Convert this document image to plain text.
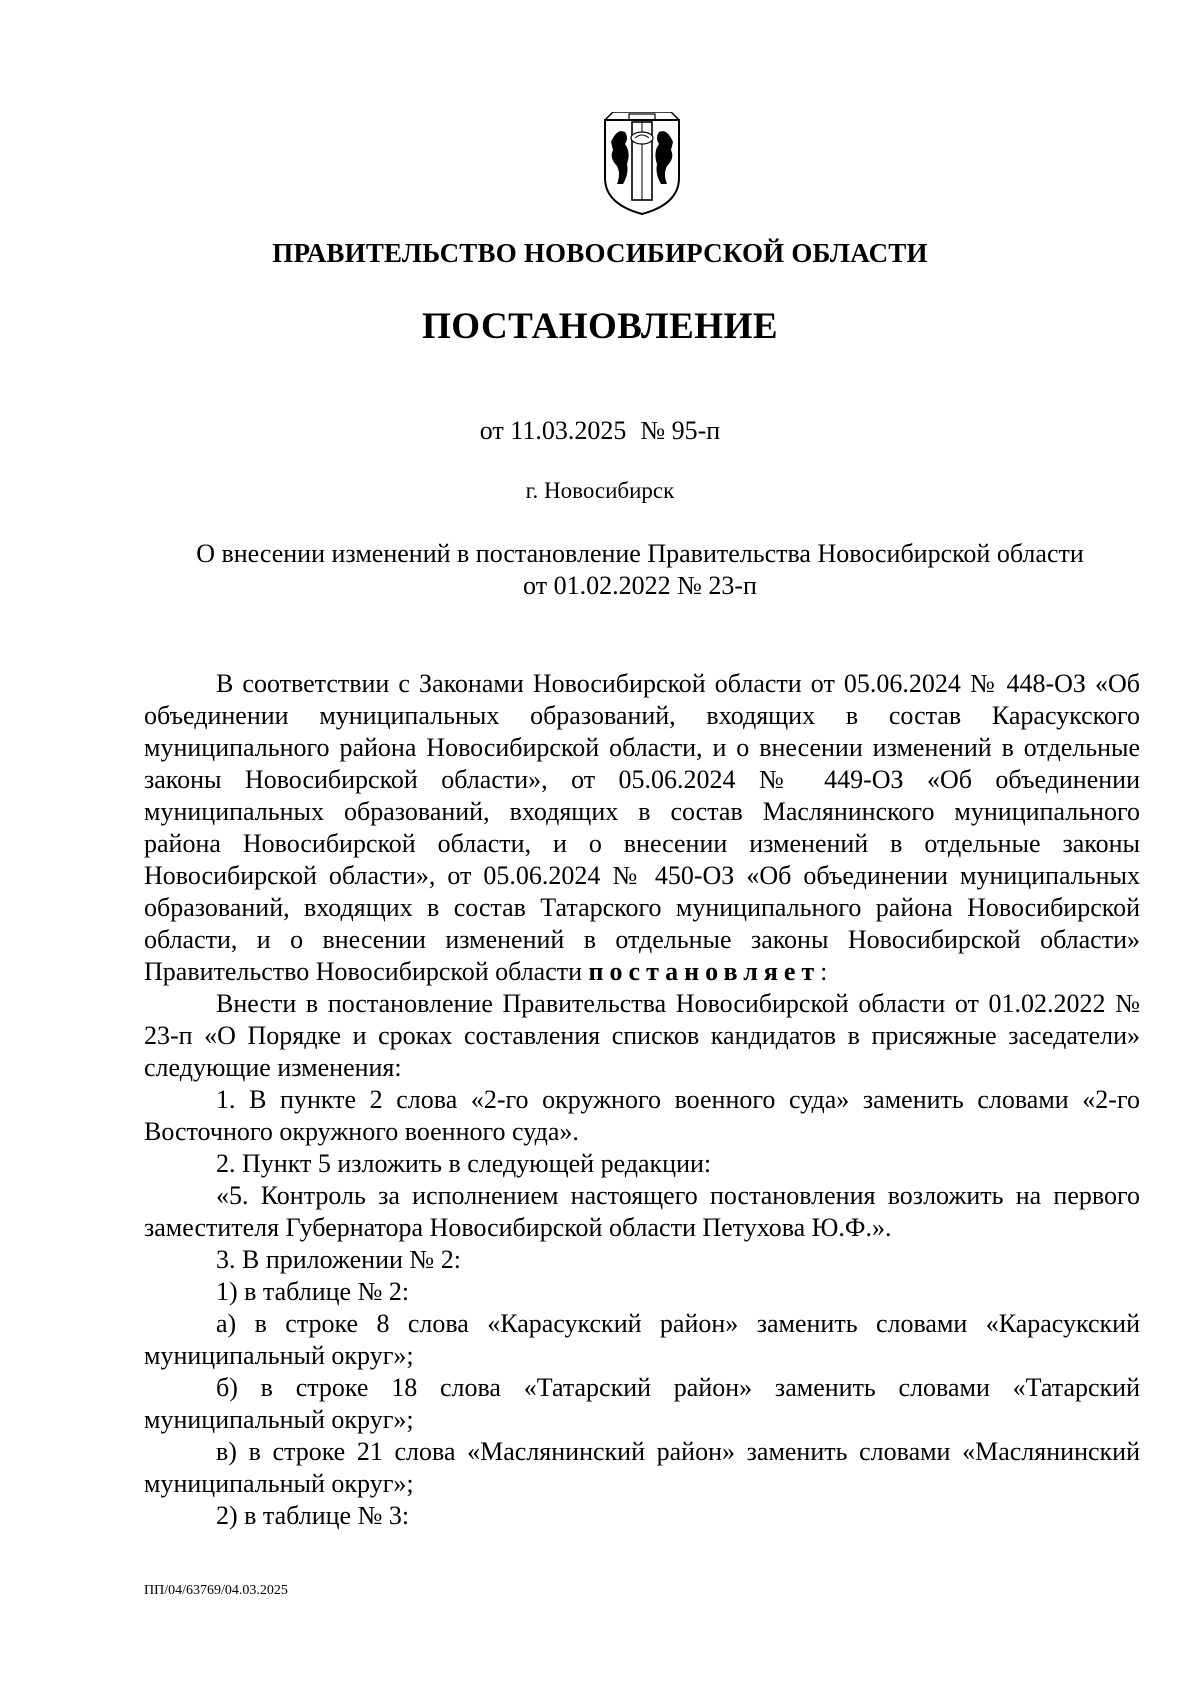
ПРАВИТЕЛЬСТВО НОВОСИБИРСКОЙ ОБЛАСТИ
ПОСТАНОВЛЕНИЕ
от 11.03.2025 № 95-п
г. Новосибирск
О внесении изменений в постановление Правительства Новосибирской области
от 01.02.2022 № 23-п

В соответствии с Законами Новосибирской области от 05.06.2024 № 448-ОЗ «Об объединении муниципальных образований, входящих в состав Карасукского муниципального района Новосибирской области, и о внесении изменений в отдельные законы Новосибирской области», от 05.06.2024 № 449-ОЗ «Об объединении муниципальных образований, входящих в состав Маслянинского муниципального района Новосибирской области, и о внесении изменений в отдельные законы Новосибирской области», от 05.06.2024 № 450-ОЗ «Об объединении муниципальных образований, входящих в состав Татарского муниципального района Новосибирской области, и о внесении изменений в отдельные законы Новосибирской области» Правительство Новосибирской области постановляет:

Внести в постановление Правительства Новосибирской области от 01.02.2022 № 23-п «О Порядке и сроках составления списков кандидатов в присяжные заседатели» следующие изменения:

1. В пункте 2 слова «2-го окружного военного суда» заменить словами «2-го Восточного окружного военного суда».

2. Пункт 5 изложить в следующей редакции:

«5. Контроль за исполнением настоящего постановления возложить на первого заместителя Губернатора Новосибирской области Петухова Ю.Ф.».

3. В приложении № 2:

1) в таблице № 2:

а) в строке 8 слова «Карасукский район» заменить словами «Карасукский муниципальный округ»;

б) в строке 18 слова «Татарский район» заменить словами «Татарский муниципальный округ»;

в) в строке 21 слова «Маслянинский район» заменить словами «Маслянинский муниципальный округ»;

2) в таблице № 3:

ПП/04/63769/04.03.2025
